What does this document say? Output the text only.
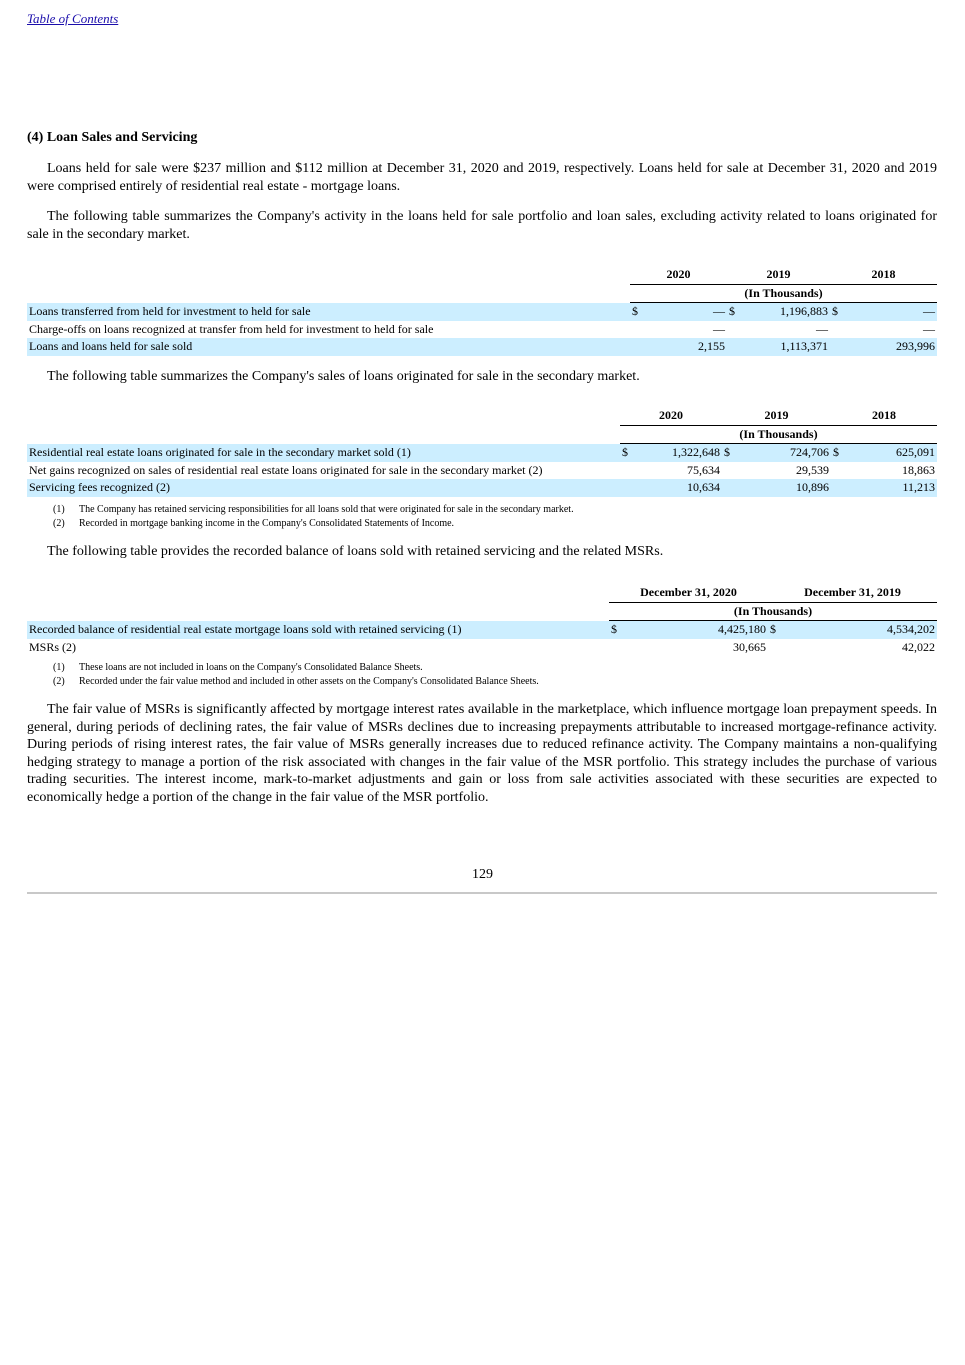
Table of Contents
(4) Loan Sales and Servicing

Loans held for sale were $237 million and $112 million at December 31, 2020 and 2019, respectively. Loans held for sale at December 31, 2020 and 2019 were comprised entirely of residential real estate - mortgage loans.

The following table summarizes the Company's activity in the loans held for sale portfolio and loan sales, excluding activity related to loans originated for sale in the secondary market.

	2020		2019		2018	
	(In Thousands)					
Loans transferred from held for investment to held for sale	$	—	$	1,196,883	$	—
Charge-offs on loans recognized at transfer from held for investment to held for sale		—		—		—
Loans and loans held for sale sold		2,155		1,113,371		293,996

The following table summarizes the Company's sales of loans originated for sale in the secondary market.

	2020		2019		2018	
	(In Thousands)					
Residential real estate loans originated for sale in the secondary market sold (1)	$	1,322,648	$	724,706	$	625,091
Net gains recognized on sales of residential real estate loans originated for sale in the secondary market (2)		75,634		29,539		18,863
Servicing fees recognized (2)		10,634		10,896		11,213
(1) The Company has retained servicing responsibilities for all loans sold that were originated for sale in the secondary market.
(2) Recorded in mortgage banking income in the Company's Consolidated Statements of Income.

The following table provides the recorded balance of loans sold with retained servicing and the related MSRs.

	December 31, 2020		December 31, 2019	
	(In Thousands)			
Recorded balance of residential real estate mortgage loans sold with retained servicing (1)	$	4,425,180	$	4,534,202
MSRs (2)		30,665		42,022
(1) These loans are not included in loans on the Company's Consolidated Balance Sheets.
(2) Recorded under the fair value method and included in other assets on the Company's Consolidated Balance Sheets.

The fair value of MSRs is significantly affected by mortgage interest rates available in the marketplace, which influence mortgage loan prepayment speeds. In general, during periods of declining rates, the fair value of MSRs declines due to increasing prepayments attributable to increased mortgage-refinance activity. During periods of rising interest rates, the fair value of MSRs generally increases due to reduced refinance activity. The Company maintains a non-qualifying hedging strategy to manage a portion of the risk associated with changes in the fair value of the MSR portfolio. This strategy includes the purchase of various trading securities. The interest income, mark-to-market adjustments and gain or loss from sale activities associated with these securities are expected to economically hedge a portion of the change in the fair value of the MSR portfolio.

129
